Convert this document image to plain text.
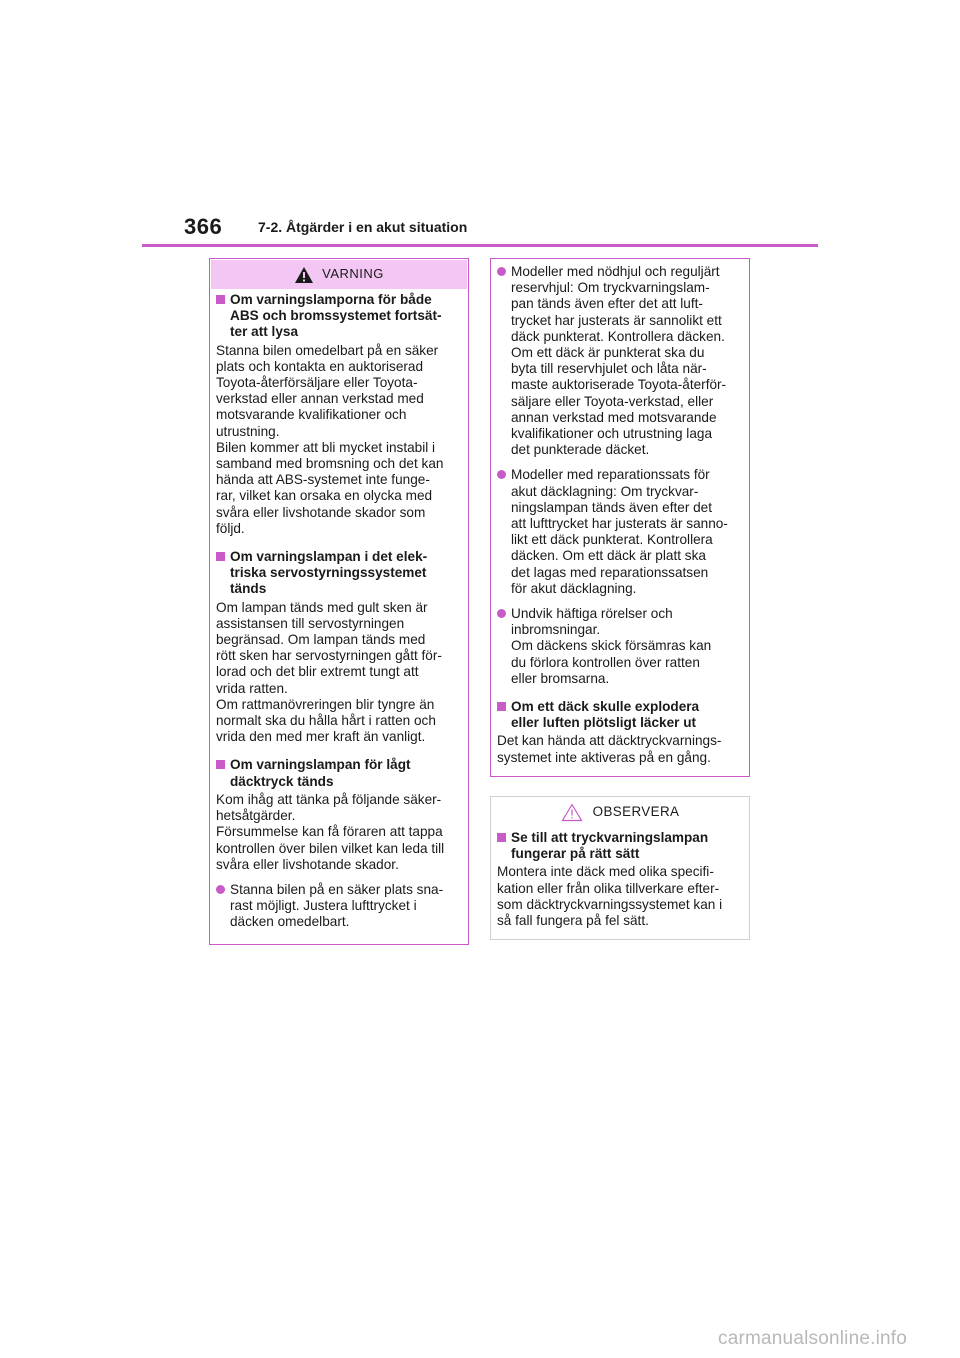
366	7-2. Åtgärder i en akut situation
VARNING
Om varningslamporna för både
ABS och bromssystemet fortsät-
ter att lysa
Stanna bilen omedelbart på en säker
plats och kontakta en auktoriserad
Toyota-återförsäljare eller Toyota-
verkstad eller annan verkstad med
motsvarande kvalifikationer och
utrustning.
Bilen kommer att bli mycket instabil i
samband med bromsning och det kan
hända att ABS-systemet inte funge-
rar, vilket kan orsaka en olycka med
svåra eller livshotande skador som
följd.
Om varningslampan i det elek-
triska servostyrningssystemet
tänds
Om lampan tänds med gult sken är
assistansen till servostyrningen
begränsad. Om lampan tänds med
rött sken har servostyrningen gått för-
lorad och det blir extremt tungt att
vrida ratten.
Om rattmanövreringen blir tyngre än
normalt ska du hålla hårt i ratten och
vrida den med mer kraft än vanligt.
Om varningslampan för lågt
däcktryck tänds
Kom ihåg att tänka på följande säker-
hetsåtgärder.
Försummelse kan få föraren att tappa
kontrollen över bilen vilket kan leda till
svåra eller livshotande skador.
Stanna bilen på en säker plats sna-
rast möjligt. Justera lufttrycket i
däcken omedelbart.
Modeller med nödhjul och reguljärt
reservhjul: Om tryckvarningslam-
pan tänds även efter det att luft-
trycket har justerats är sannolikt ett
däck punkterat. Kontrollera däcken.
Om ett däck är punkterat ska du
byta till reservhjulet och låta när-
maste auktoriserade Toyota-återför-
säljare eller Toyota-verkstad, eller
annan verkstad med motsvarande
kvalifikationer och utrustning laga
det punkterade däcket.
Modeller med reparationssats för
akut däcklagning: Om tryckvar-
ningslampan tänds även efter det
att lufttrycket har justerats är sanno-
likt ett däck punkterat. Kontrollera
däcken. Om ett däck är platt ska
det lagas med reparationssatsen
för akut däcklagning.
Undvik häftiga rörelser och
inbromsningar.
Om däckens skick försämras kan
du förlora kontrollen över ratten
eller bromsarna.
Om ett däck skulle explodera
eller luften plötsligt läcker ut
Det kan hända att däcktryckvarnings-
systemet inte aktiveras på en gång.
OBSERVERA
Se till att tryckvarningslampan
fungerar på rätt sätt
Montera inte däck med olika specifi-
kation eller från olika tillverkare efter-
som däcktryckvarningssystemet kan i
så fall fungera på fel sätt.
carmanualsonline.info
